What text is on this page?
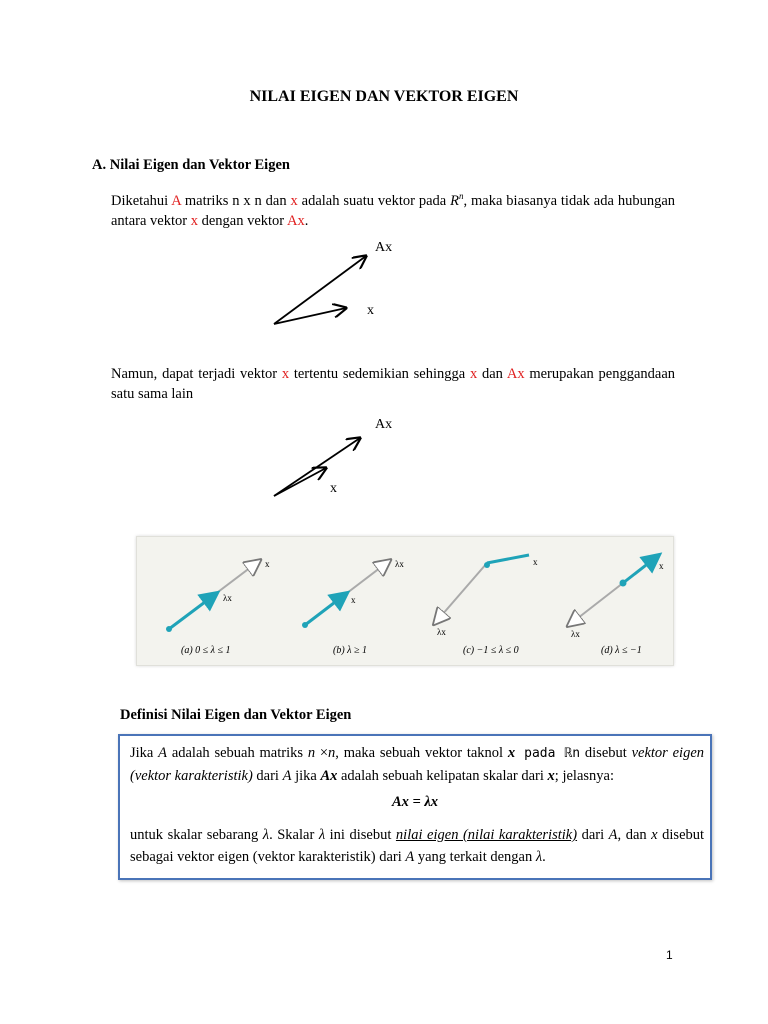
NILAI EIGEN DAN VEKTOR EIGEN
A. Nilai Eigen dan Vektor Eigen
Diketahui A matriks n x n dan x adalah suatu vektor pada $R^n$, maka biasanya tidak ada hubungan antara vektor x dengan vektor Ax.
Ax
x
Namun, dapat terjadi vektor x tertentu sedemikian sehingga x dan Ax merupakan penggandaan satu sama lain
Ax
x
x
λx
(a) 0 ≤ λ ≤ 1
λx
x
(b) λ ≥ 1
x
λx
(c) −1 ≤ λ ≤ 0
x
λx
(d) λ ≤ −1
Definisi Nilai Eigen dan Vektor Eigen
Jika A adalah sebuah matriks n ×n, maka sebuah vektor taknol x pada ℝn disebut vektor eigen (vektor karakteristik) dari A jika Ax adalah sebuah kelipatan skalar dari x; jelasnya:
Ax = λx
untuk skalar sebarang λ. Skalar λ ini disebut nilai eigen (nilai karakteristik) dari A, dan x disebut sebagai vektor eigen (vektor karakteristik) dari A yang terkait dengan λ.
1
